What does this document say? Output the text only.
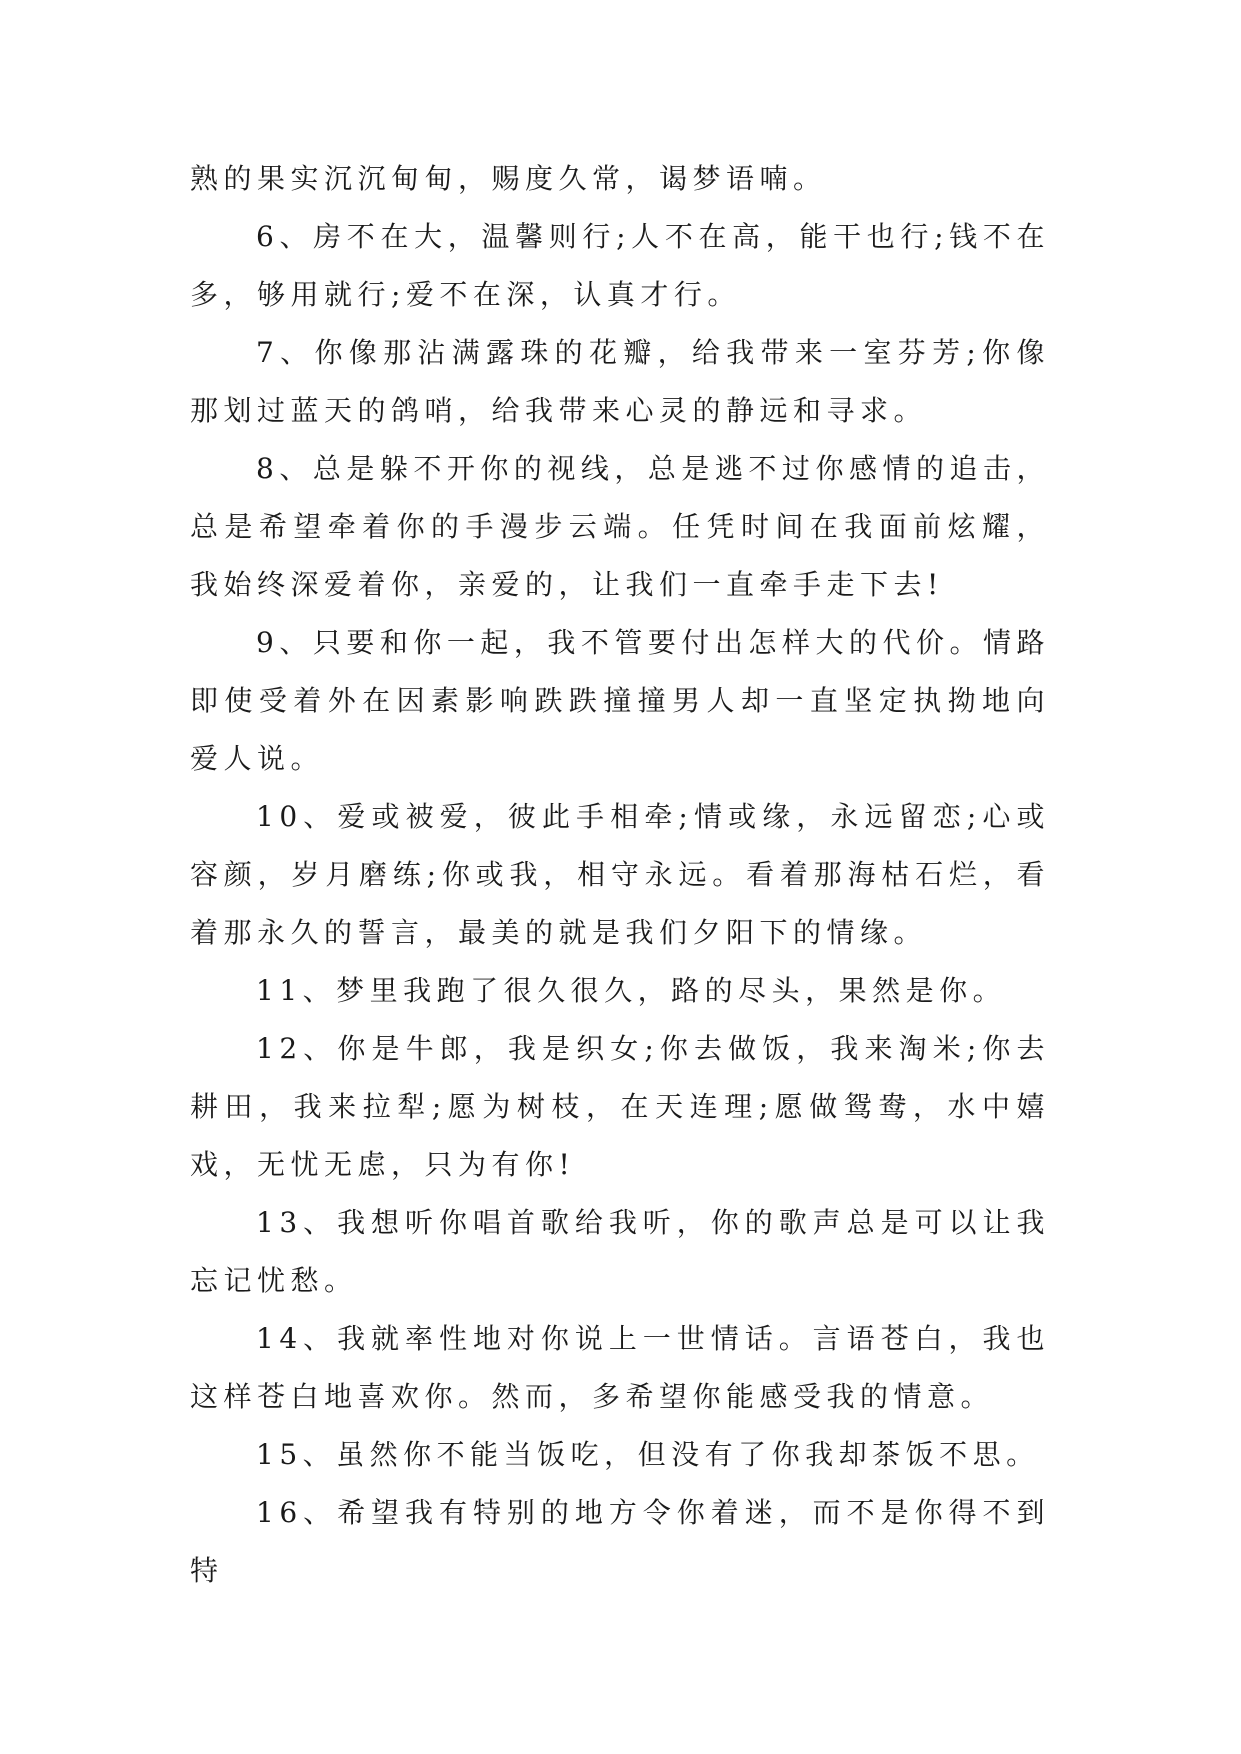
熟的果实沉沉甸甸，赐度久常，谒梦语喃。

6、房不在大，温馨则行;人不在高，能干也行;钱不在多，够用就行;爱不在深，认真才行。

7、你像那沾满露珠的花瓣，给我带来一室芬芳;你像那划过蓝天的鸽哨，给我带来心灵的静远和寻求。

8、总是躲不开你的视线，总是逃不过你感情的追击，总是希望牵着你的手漫步云端。任凭时间在我面前炫耀，我始终深爱着你，亲爱的，让我们一直牵手走下去!

9、只要和你一起，我不管要付出怎样大的代价。情路即使受着外在因素影响跌跌撞撞男人却一直坚定执拗地向爱人说。

10、爱或被爱，彼此手相牵;情或缘，永远留恋;心或容颜，岁月磨练;你或我，相守永远。看着那海枯石烂，看着那永久的誓言，最美的就是我们夕阳下的情缘。

11、梦里我跑了很久很久，路的尽头，果然是你。

12、你是牛郎，我是织女;你去做饭，我来淘米;你去耕田，我来拉犁;愿为树枝，在天连理;愿做鸳鸯，水中嬉戏，无忧无虑，只为有你!

13、我想听你唱首歌给我听，你的歌声总是可以让我忘记忧愁。

14、我就率性地对你说上一世情话。言语苍白，我也这样苍白地喜欢你。然而，多希望你能感受我的情意。

15、虽然你不能当饭吃，但没有了你我却茶饭不思。

16、希望我有特别的地方令你着迷，而不是你得不到特
